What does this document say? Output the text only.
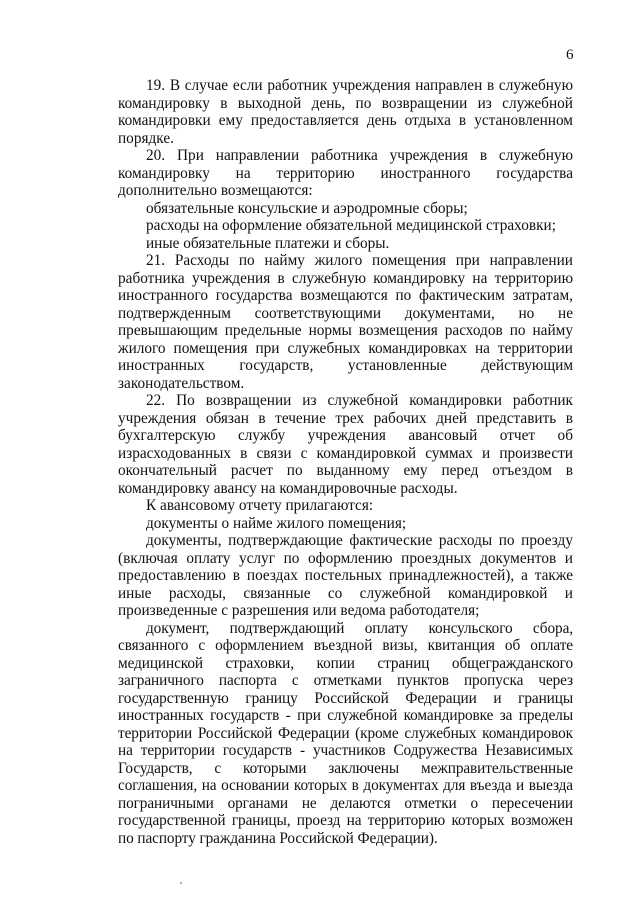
6

19. В случае если работник учреждения направлен в служебную командировку в выходной день, по возвращении из служебной командировки ему предоставляется день отдыха в установленном порядке.

20. При направлении работника учреждения в служебную командировку на территорию иностранного государства дополнительно возмещаются:

обязательные консульские и аэродромные сборы;

расходы на оформление обязательной медицинской страховки;

иные обязательные платежи и сборы.

21. Расходы по найму жилого помещения при направлении работника учреждения в служебную командировку на территорию иностранного государства возмещаются по фактическим затратам, подтвержденным соответствующими документами, но не превышающим предельные нормы возмещения расходов по найму жилого помещения при служебных командировках на территории иностранных государств, установленные действующим законодательством.

22. По возвращении из служебной командировки работник учреждения обязан в течение трех рабочих дней представить в бухгалтерскую службу учреждения авансовый отчет об израсходованных в связи с командировкой суммах и произвести окончательный расчет по выданному ему перед отъездом в командировку авансу на командировочные расходы.

К авансовому отчету прилагаются:

документы о найме жилого помещения;

документы, подтверждающие фактические расходы по проезду (включая оплату услуг по оформлению проездных документов и предоставлению в поездах постельных принадлежностей), а также иные расходы, связанные со служебной командировкой и произведенные с разрешения или ведома работодателя;

документ, подтверждающий оплату консульского сбора, связанного с оформлением въездной визы, квитанция об оплате медицинской страховки, копии страниц общегражданского заграничного паспорта с отметками пунктов пропуска через государственную границу Российской Федерации и границы иностранных государств - при служебной командировке за пределы территории Российской Федерации (кроме служебных командировок на территории государств - участников Содружества Независимых Государств, с которыми заключены межправительственные соглашения, на основании которых в документах для въезда и выезда пограничными органами не делаются отметки о пересечении государственной границы, проезд на территорию которых возможен по паспорту гражданина Российской Федерации).
